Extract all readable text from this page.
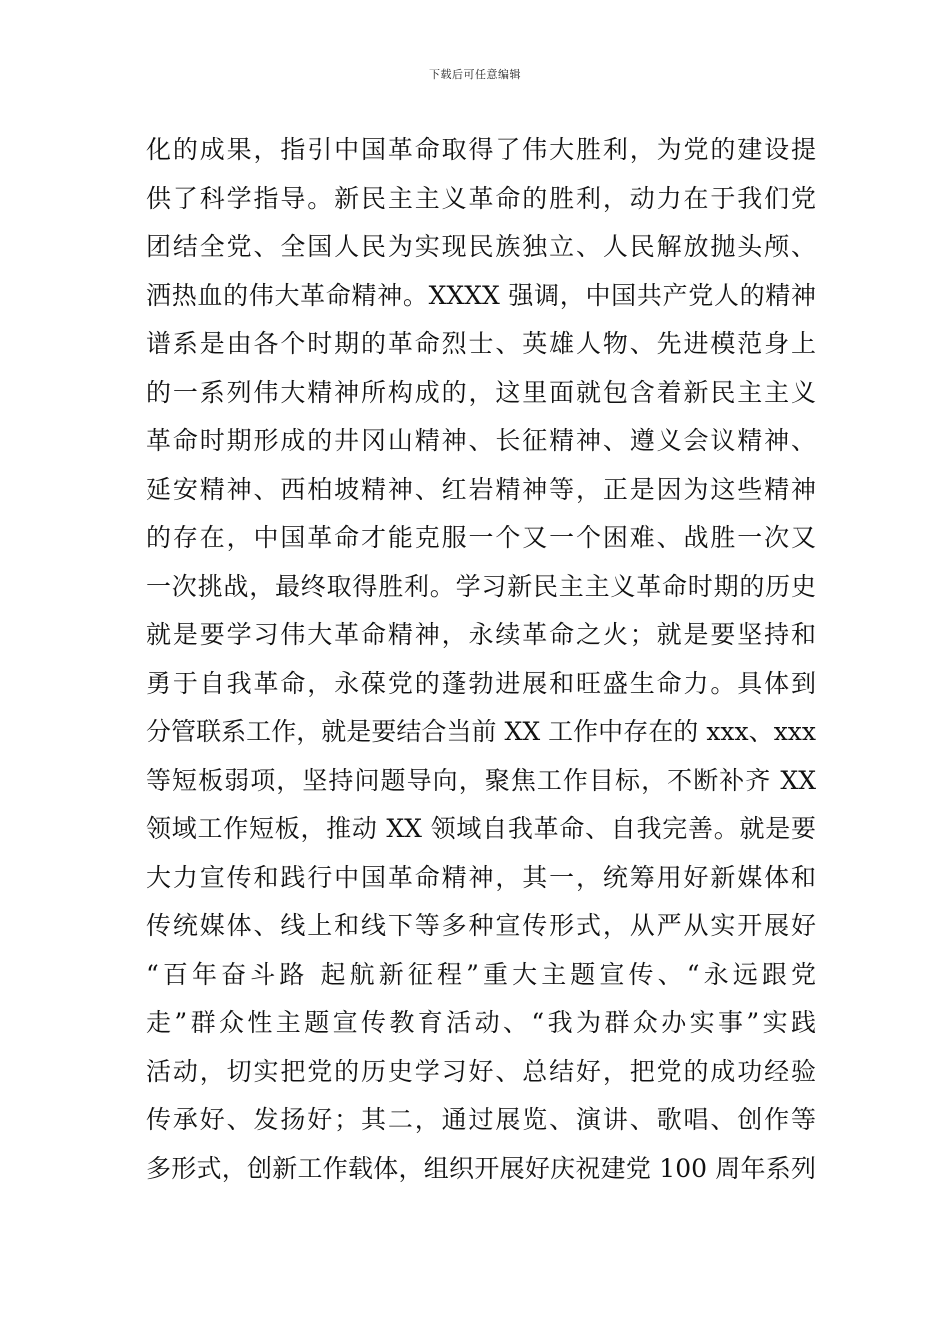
下载后可任意编辑
化的成果，指引中国革命取得了伟大胜利，为党的建设提
供了科学指导。新民主主义革命的胜利，动力在于我们党
团结全党、全国人民为实现民族独立、人民解放抛头颅、
洒热血的伟大革命精神。XXXX 强调，中国共产党人的精神
谱系是由各个时期的革命烈士、英雄人物、先进模范身上
的一系列伟大精神所构成的，这里面就包含着新民主主义
革命时期形成的井冈山精神、长征精神、遵义会议精神、
延安精神、西柏坡精神、红岩精神等，正是因为这些精神
的存在，中国革命才能克服一个又一个困难、战胜一次又
一次挑战，最终取得胜利。学习新民主主义革命时期的历史
就是要学习伟大革命精神，永续革命之火；就是要坚持和
勇于自我革命，永葆党的蓬勃进展和旺盛生命力。具体到
分管联系工作，就是要结合当前 XX 工作中存在的 xxx、xxx
等短板弱项，坚持问题导向，聚焦工作目标，不断补齐 XX
领域工作短板，推动 XX 领域自我革命、自我完善。就是要
大力宣传和践行中国革命精神，其一，统筹用好新媒体和
传统媒体、线上和线下等多种宣传形式，从严从实开展好
“百年奋斗路 起航新征程”重大主题宣传、“永远跟党
走”群众性主题宣传教育活动、“我为群众办实事”实践
活动，切实把党的历史学习好、总结好，把党的成功经验
传承好、发扬好；其二，通过展览、演讲、歌唱、创作等
多形式，创新工作载体，组织开展好庆祝建党 100 周年系列
